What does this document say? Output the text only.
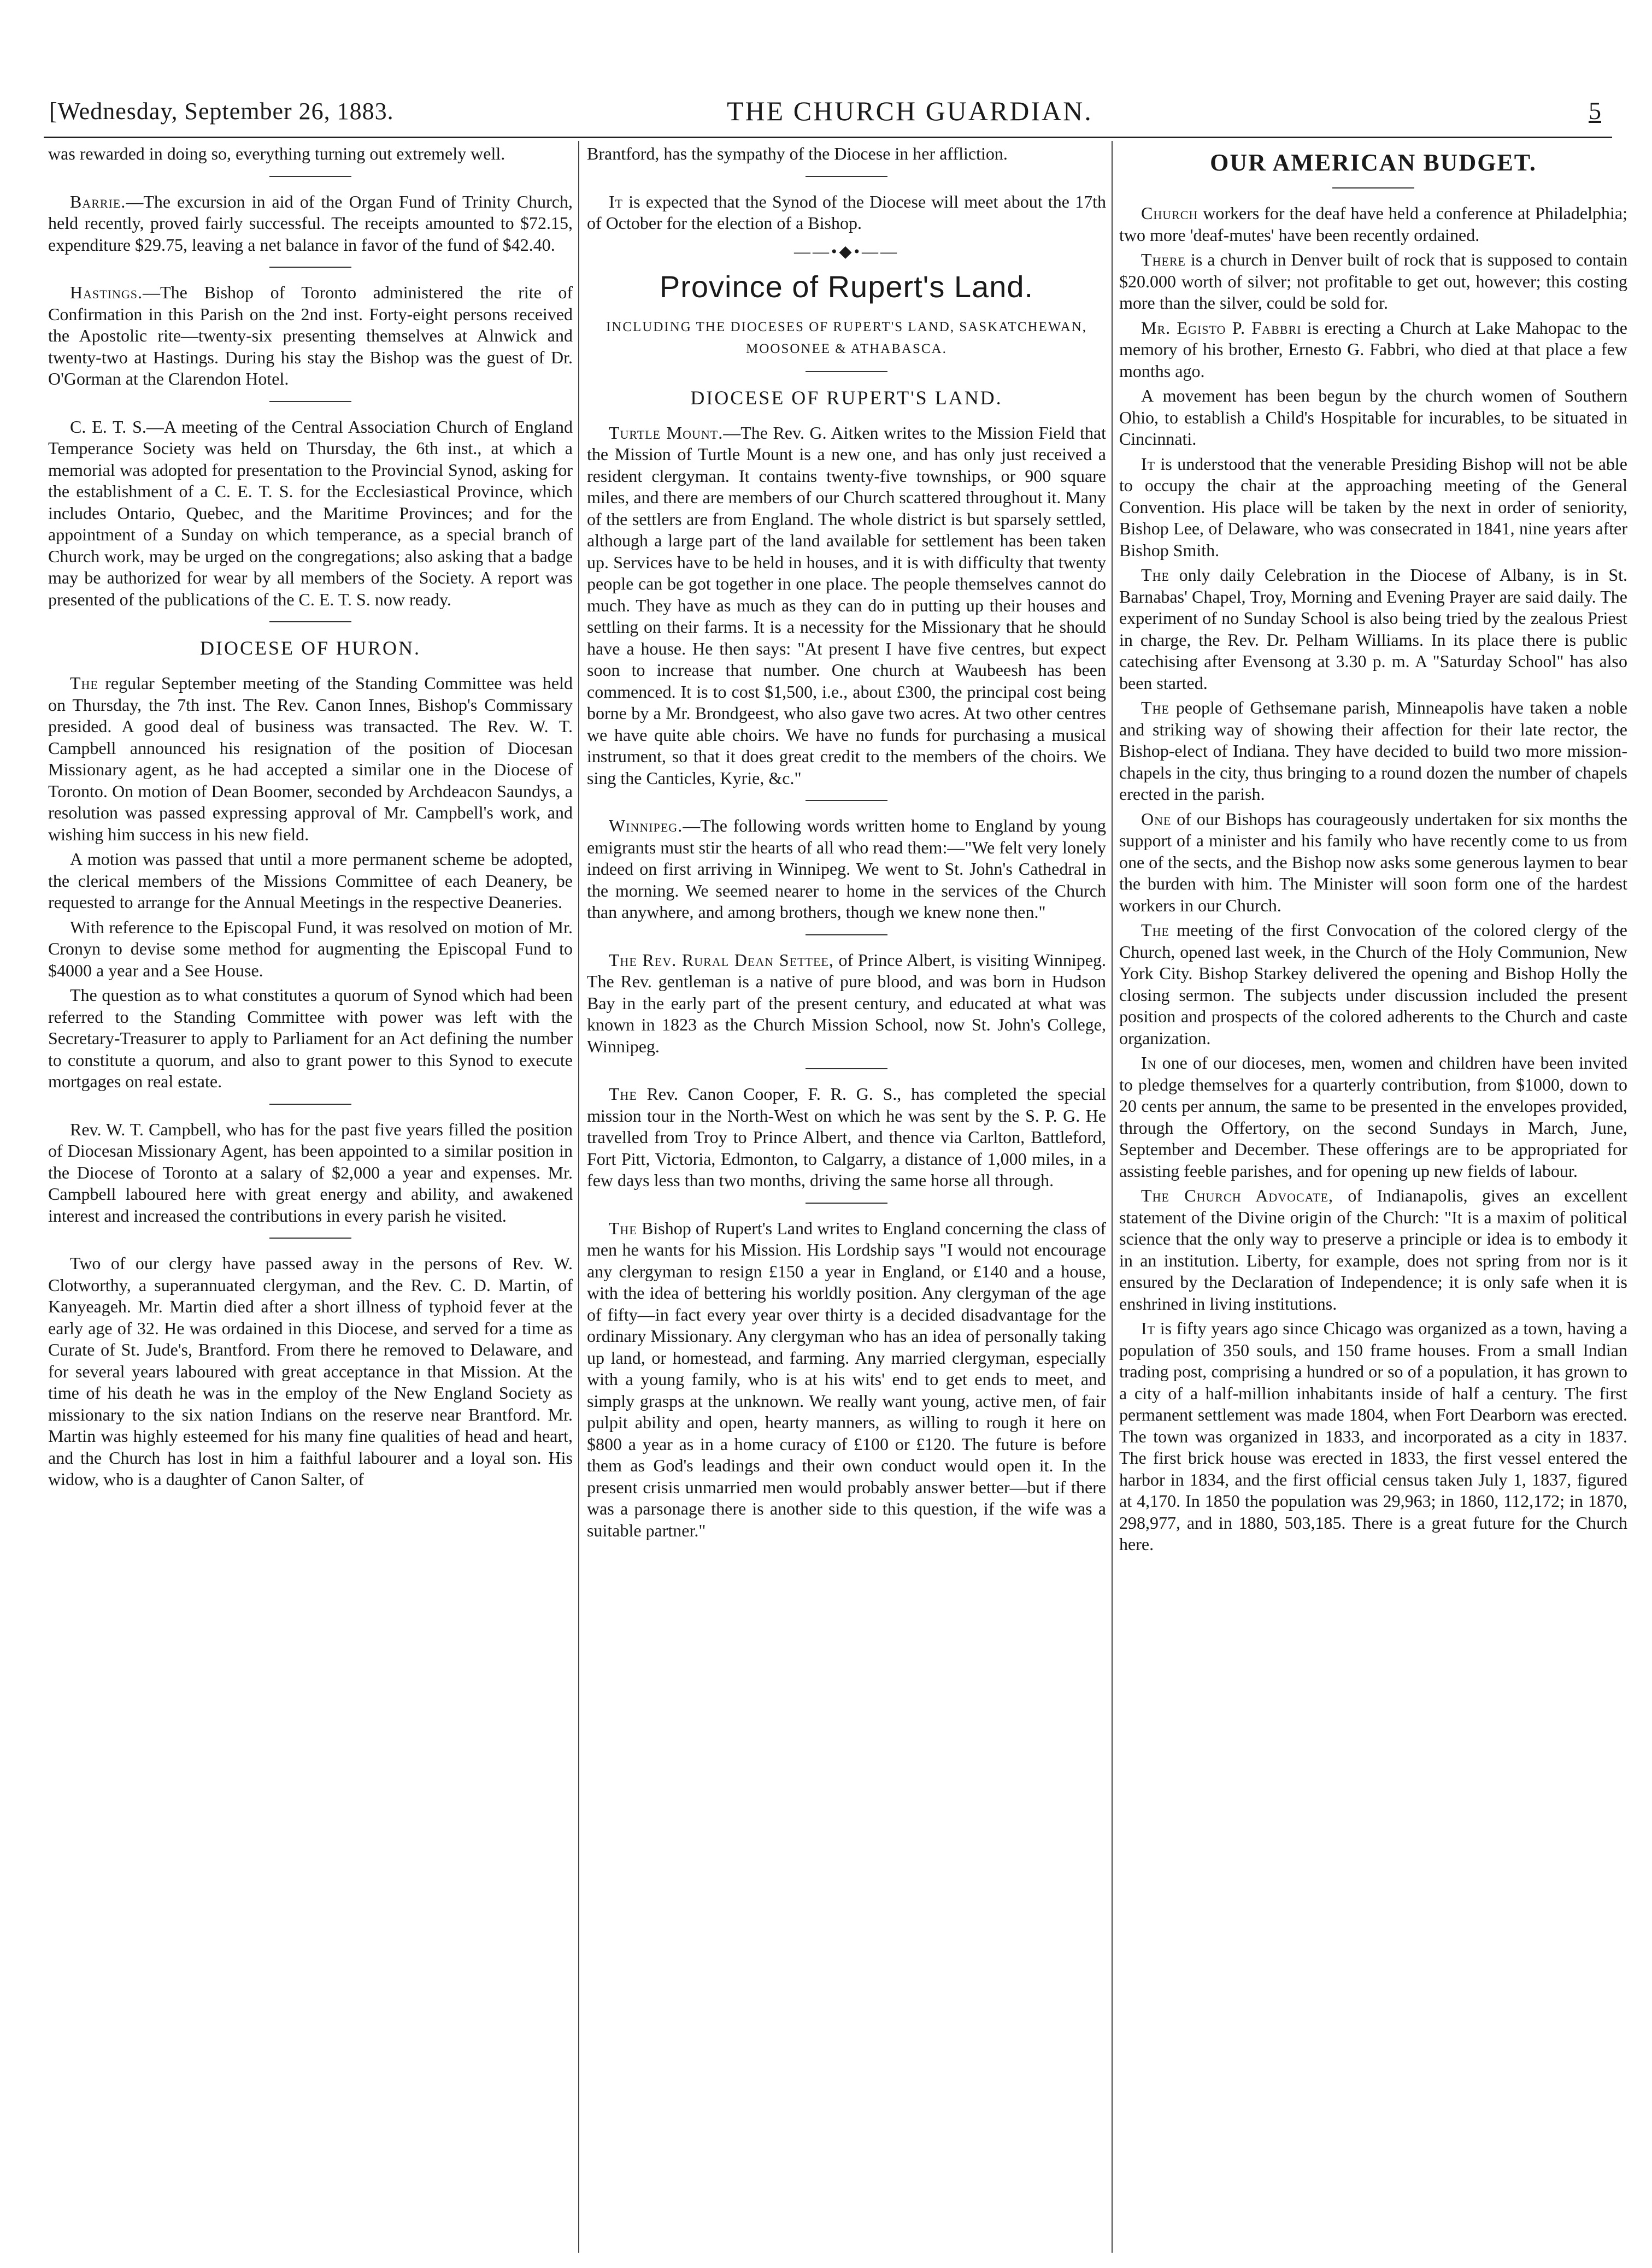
[Wednesday, September 26, 1883.	THE CHURCH GUARDIAN.	5

was rewarded in doing so, everything turning out extremely well.

Barrie.—The excursion in aid of the Organ Fund of Trinity Church, held recently, proved fairly successful. The receipts amounted to $72.15, expenditure $29.75, leaving a net balance in favor of the fund of $42.40.

Hastings.—The Bishop of Toronto administered the rite of Confirmation in this Parish on the 2nd inst. Forty-eight persons received the Apostolic rite—twenty-six presenting themselves at Alnwick and twenty-two at Hastings. During his stay the Bishop was the guest of Dr. O'Gorman at the Clarendon Hotel.

C. E. T. S.—A meeting of the Central Association Church of England Temperance Society was held on Thursday, the 6th inst., at which a memorial was adopted for presentation to the Provincial Synod, asking for the establishment of a C. E. T. S. for the Ecclesiastical Province, which includes Ontario, Quebec, and the Maritime Provinces; and for the appointment of a Sunday on which temperance, as a special branch of Church work, may be urged on the congregations; also asking that a badge may be authorized for wear by all members of the Society. A report was presented of the publications of the C. E. T. S. now ready.

DIOCESE OF HURON.

The regular September meeting of the Standing Committee was held on Thursday, the 7th inst. The Rev. Canon Innes, Bishop's Commissary presided. A good deal of business was transacted. The Rev. W. T. Campbell announced his resignation of the position of Diocesan Missionary agent, as he had accepted a similar one in the Diocese of Toronto. On motion of Dean Boomer, seconded by Archdeacon Saundys, a resolution was passed expressing approval of Mr. Campbell's work, and wishing him success in his new field.

A motion was passed that until a more permanent scheme be adopted, the clerical members of the Missions Committee of each Deanery, be requested to arrange for the Annual Meetings in the respective Deaneries.

With reference to the Episcopal Fund, it was resolved on motion of Mr. Cronyn to devise some method for augmenting the Episcopal Fund to $4000 a year and a See House.

The question as to what constitutes a quorum of Synod which had been referred to the Standing Committee with power was left with the Secretary-Treasurer to apply to Parliament for an Act defining the number to constitute a quorum, and also to grant power to this Synod to execute mortgages on real estate.

Rev. W. T. Campbell, who has for the past five years filled the position of Diocesan Missionary Agent, has been appointed to a similar position in the Diocese of Toronto at a salary of $2,000 a year and expenses. Mr. Campbell laboured here with great energy and ability, and awakened interest and increased the contributions in every parish he visited.

Two of our clergy have passed away in the persons of Rev. W. Clotworthy, a superannuated clergyman, and the Rev. C. D. Martin, of Kanyeageh. Mr. Martin died after a short illness of typhoid fever at the early age of 32. He was ordained in this Diocese, and served for a time as Curate of St. Jude's, Brantford. From there he removed to Delaware, and for several years laboured with great acceptance in that Mission. At the time of his death he was in the employ of the New England Society as missionary to the six nation Indians on the reserve near Brantford. Mr. Martin was highly esteemed for his many fine qualities of head and heart, and the Church has lost in him a faithful labourer and a loyal son. His widow, who is a daughter of Canon Salter, of

Brantford, has the sympathy of the Diocese in her affliction.

It is expected that the Synod of the Diocese will meet about the 17th of October for the election of a Bishop.

——•◆•——
Province of Rupert's Land.
INCLUDING THE DIOCESES OF RUPERT'S LAND, SASKATCHEWAN, MOOSONEE & ATHABASCA.
DIOCESE OF RUPERT'S LAND.

Turtle Mount.—The Rev. G. Aitken writes to the Mission Field that the Mission of Turtle Mount is a new one, and has only just received a resident clergyman. It contains twenty-five townships, or 900 square miles, and there are members of our Church scattered throughout it. Many of the settlers are from England. The whole district is but sparsely settled, although a large part of the land available for settlement has been taken up. Services have to be held in houses, and it is with difficulty that twenty people can be got together in one place. The people themselves cannot do much. They have as much as they can do in putting up their houses and settling on their farms. It is a necessity for the Missionary that he should have a house. He then says: "At present I have five centres, but expect soon to increase that number. One church at Waubeesh has been commenced. It is to cost $1,500, i.e., about £300, the principal cost being borne by a Mr. Brondgeest, who also gave two acres. At two other centres we have quite able choirs. We have no funds for purchasing a musical instrument, so that it does great credit to the members of the choirs. We sing the Canticles, Kyrie, &c."

Winnipeg.—The following words written home to England by young emigrants must stir the hearts of all who read them:—"We felt very lonely indeed on first arriving in Winnipeg. We went to St. John's Cathedral in the morning. We seemed nearer to home in the services of the Church than anywhere, and among brothers, though we knew none then."

The Rev. Rural Dean Settee, of Prince Albert, is visiting Winnipeg. The Rev. gentleman is a native of pure blood, and was born in Hudson Bay in the early part of the present century, and educated at what was known in 1823 as the Church Mission School, now St. John's College, Winnipeg.

The Rev. Canon Cooper, F. R. G. S., has completed the special mission tour in the North-West on which he was sent by the S. P. G. He travelled from Troy to Prince Albert, and thence via Carlton, Battleford, Fort Pitt, Victoria, Edmonton, to Calgarry, a distance of 1,000 miles, in a few days less than two months, driving the same horse all through.

The Bishop of Rupert's Land writes to England concerning the class of men he wants for his Mission. His Lordship says "I would not encourage any clergyman to resign £150 a year in England, or £140 and a house, with the idea of bettering his worldly position. Any clergyman of the age of fifty—in fact every year over thirty is a decided disadvantage for the ordinary Missionary. Any clergyman who has an idea of personally taking up land, or homestead, and farming. Any married clergyman, especially with a young family, who is at his wits' end to get ends to meet, and simply grasps at the unknown. We really want young, active men, of fair pulpit ability and open, hearty manners, as willing to rough it here on $800 a year as in a home curacy of £100 or £120. The future is before them as God's leadings and their own conduct would open it. In the present crisis unmarried men would probably answer better—but if there was a parsonage there is another side to this question, if the wife was a suitable partner."

OUR AMERICAN BUDGET.

Church workers for the deaf have held a conference at Philadelphia; two more 'deaf-mutes' have been recently ordained.

There is a church in Denver built of rock that is supposed to contain $20.000 worth of silver; not profitable to get out, however; this costing more than the silver, could be sold for.

Mr. Egisto P. Fabbri is erecting a Church at Lake Mahopac to the memory of his brother, Ernesto G. Fabbri, who died at that place a few months ago.

A movement has been begun by the church women of Southern Ohio, to establish a Child's Hospitable for incurables, to be situated in Cincinnati.

It is understood that the venerable Presiding Bishop will not be able to occupy the chair at the approaching meeting of the General Convention. His place will be taken by the next in order of seniority, Bishop Lee, of Delaware, who was consecrated in 1841, nine years after Bishop Smith.

The only daily Celebration in the Diocese of Albany, is in St. Barnabas' Chapel, Troy, Morning and Evening Prayer are said daily. The experiment of no Sunday School is also being tried by the zealous Priest in charge, the Rev. Dr. Pelham Williams. In its place there is public catechising after Evensong at 3.30 p. m. A "Saturday School" has also been started.

The people of Gethsemane parish, Minneapolis have taken a noble and striking way of showing their affection for their late rector, the Bishop-elect of Indiana. They have decided to build two more mission-chapels in the city, thus bringing to a round dozen the number of chapels erected in the parish.

One of our Bishops has courageously undertaken for six months the support of a minister and his family who have recently come to us from one of the sects, and the Bishop now asks some generous laymen to bear the burden with him. The Minister will soon form one of the hardest workers in our Church.

The meeting of the first Convocation of the colored clergy of the Church, opened last week, in the Church of the Holy Communion, New York City. Bishop Starkey delivered the opening and Bishop Holly the closing sermon. The subjects under discussion included the present position and prospects of the colored adherents to the Church and caste organization.

In one of our dioceses, men, women and children have been invited to pledge themselves for a quarterly contribution, from $1000, down to 20 cents per annum, the same to be presented in the envelopes provided, through the Offertory, on the second Sundays in March, June, September and December. These offerings are to be appropriated for assisting feeble parishes, and for opening up new fields of labour.

The Church Advocate, of Indianapolis, gives an excellent statement of the Divine origin of the Church: "It is a maxim of political science that the only way to preserve a principle or idea is to embody it in an institution. Liberty, for example, does not spring from nor is it ensured by the Declaration of Independence; it is only safe when it is enshrined in living institutions.

It is fifty years ago since Chicago was organized as a town, having a population of 350 souls, and 150 frame houses. From a small Indian trading post, comprising a hundred or so of a population, it has grown to a city of a half-million inhabitants inside of half a century. The first permanent settlement was made 1804, when Fort Dearborn was erected. The town was organized in 1833, and incorporated as a city in 1837. The first brick house was erected in 1833, the first vessel entered the harbor in 1834, and the first official census taken July 1, 1837, figured at 4,170. In 1850 the population was 29,963; in 1860, 112,172; in 1870, 298,977, and in 1880, 503,185. There is a great future for the Church here.
